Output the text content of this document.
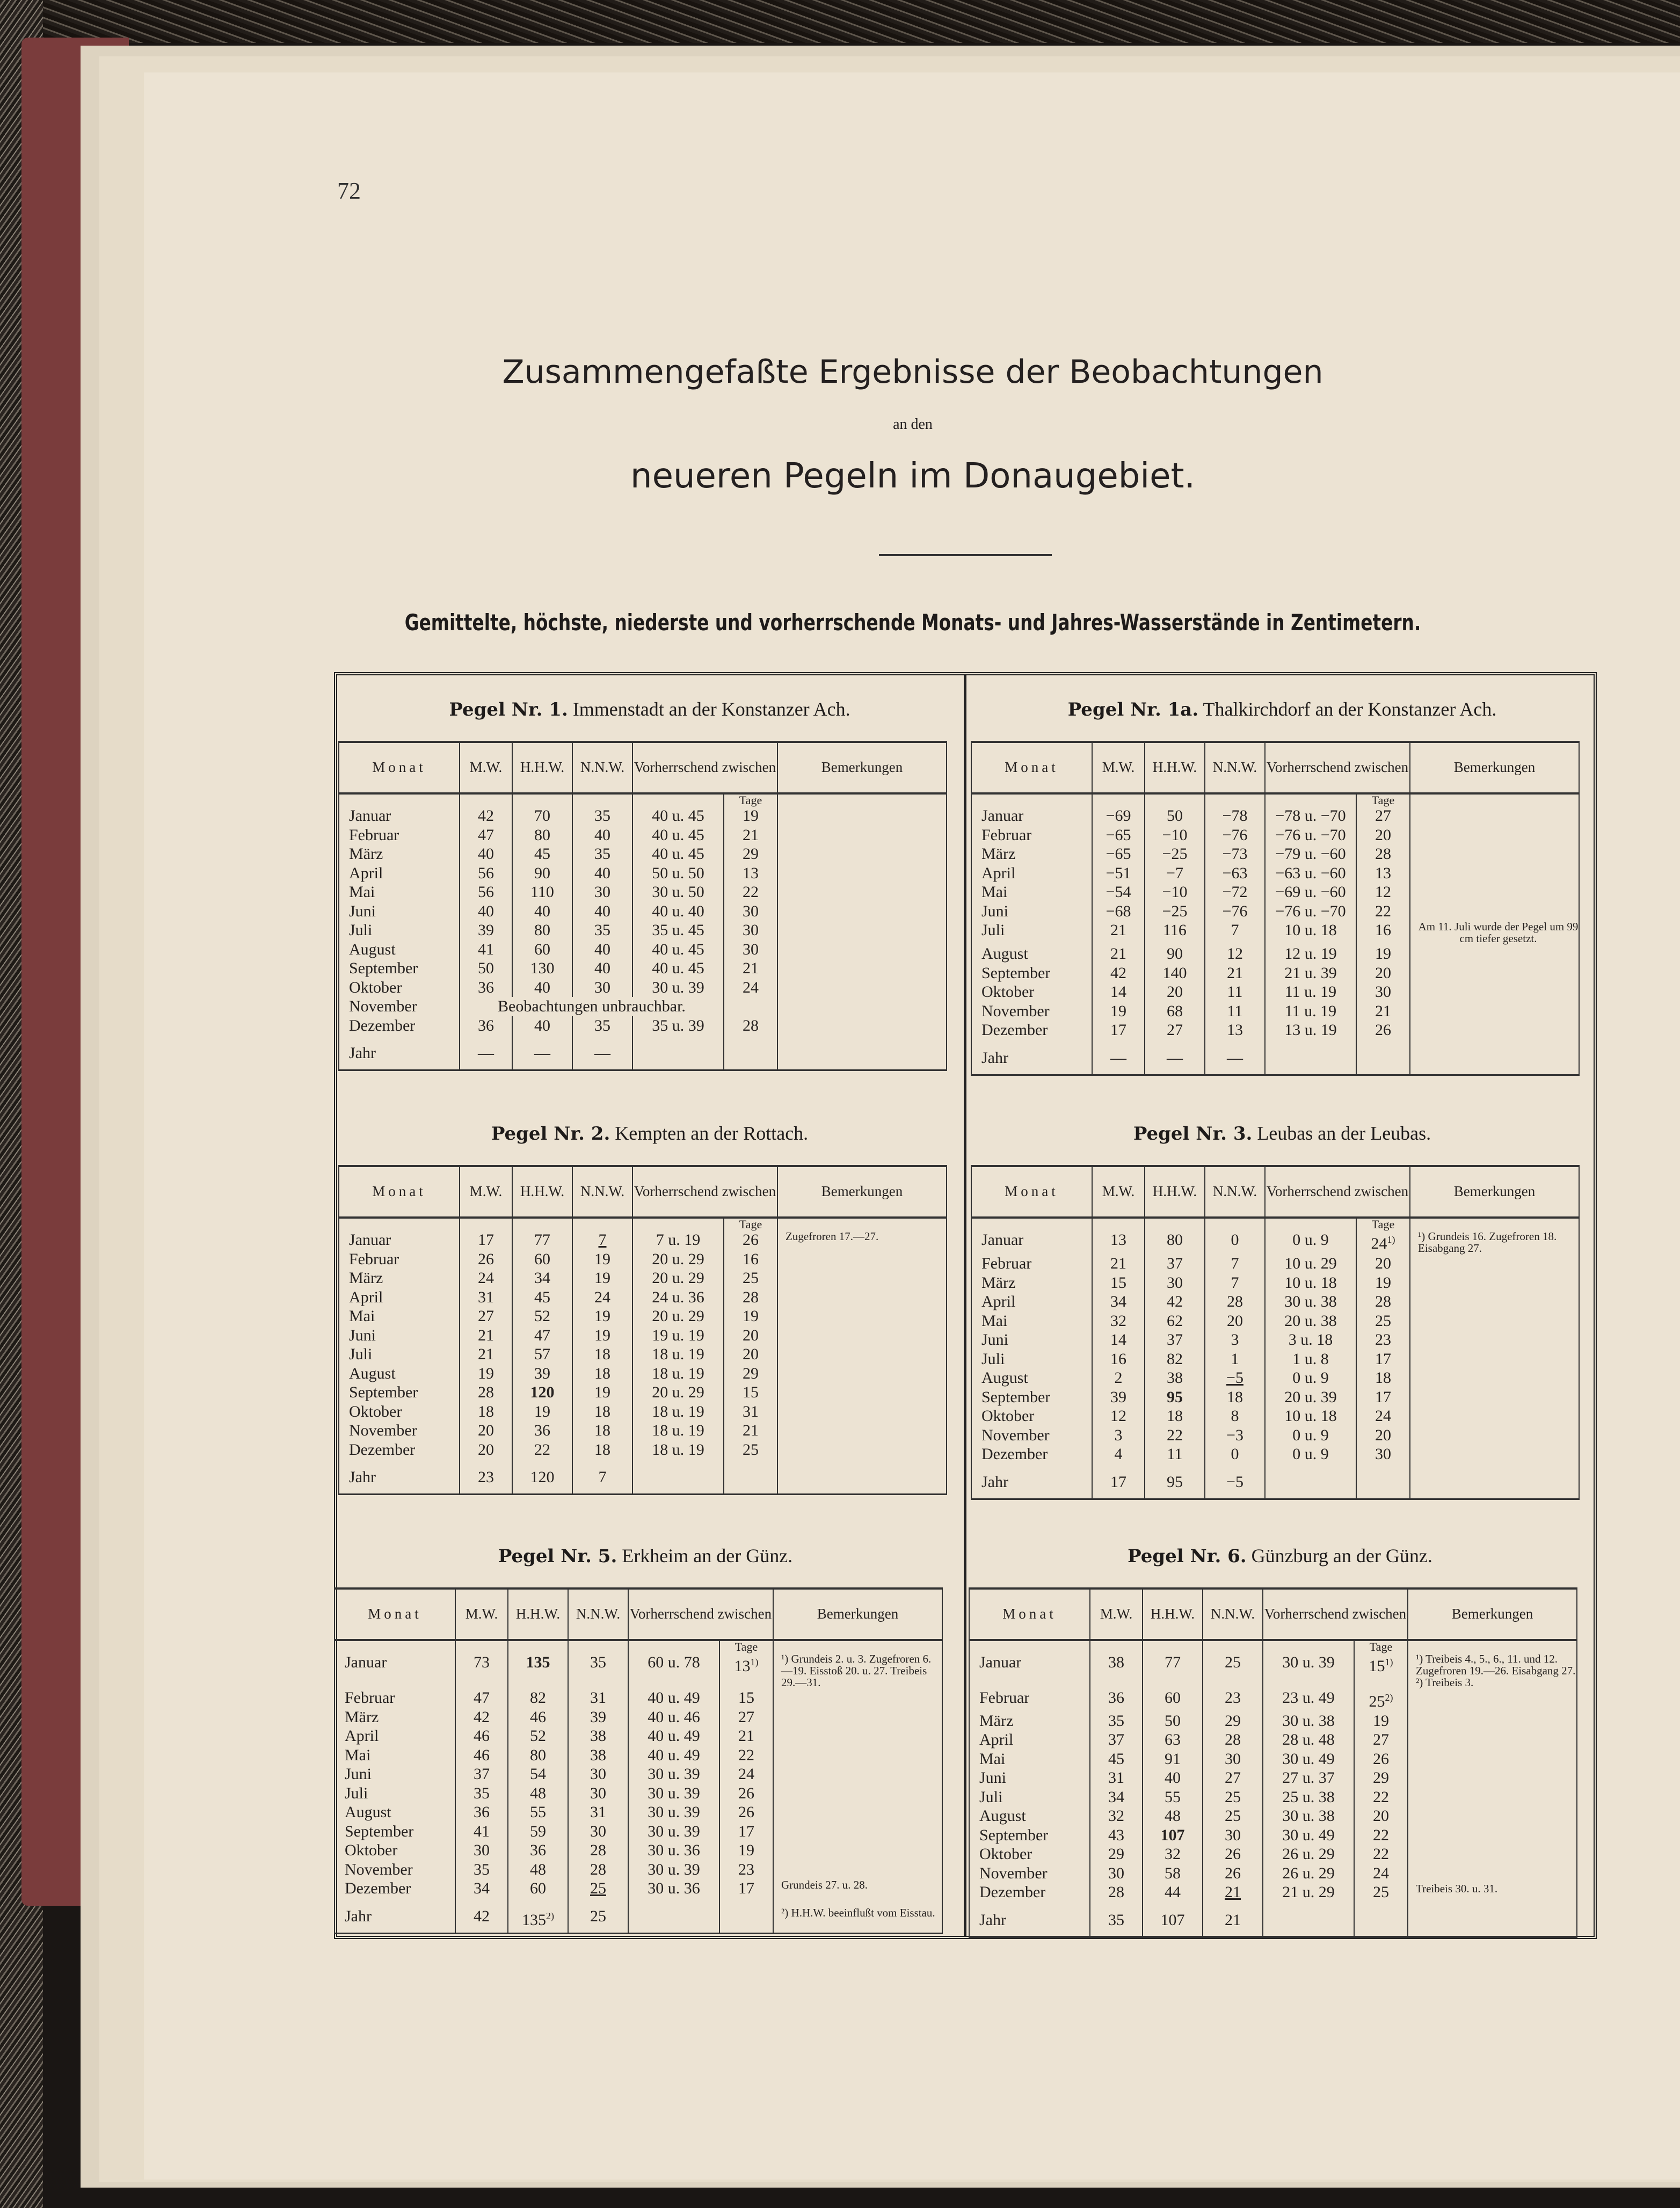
72
Zusammengefaßte Ergebnisse der Beobachtungen
an den
neueren Pegeln im Donaugebiet.
Gemittelte, höchste, niederste und vorherrschende Monats- und Jahres-Wasserstände in Zentimetern.
Pegel Nr. 1. Immenstadt an der Konstanzer Ach.
Monat	M.W.	H.H.W.	N.N.W.	Vorherrschend zwischen		Bemerkungen
					Tage	
Januar	42	70	35	40 u. 45	19	
Februar	47	80	40	40 u. 45	21	
März	40	45	35	40 u. 45	29	
April	56	90	40	50 u. 50	13	
Mai	56	110	30	30 u. 50	22	
Juni	40	40	40	40 u. 40	30	
Juli	39	80	35	35 u. 45	30	
August	41	60	40	40 u. 45	30	
September	50	130	40	40 u. 45	21	
Oktober	36	40	30	30 u. 39	24	
November	Beobachtungen unbrauchbar.					
Dezember	36	40	35	35 u. 39	28	
Jahr	—	—	—			
Pegel Nr. 1a. Thalkirchdorf an der Konstanzer Ach.
Monat	M.W.	H.H.W.	N.N.W.	Vorherrschend zwischen		Bemerkungen
					Tage	
Januar	−69	50	−78	−78 u. −70	27	
Februar	−65	−10	−76	−76 u. −70	20	
März	−65	−25	−73	−79 u. −60	28	
April	−51	−7	−63	−63 u. −60	13	
Mai	−54	−10	−72	−69 u. −60	12	
Juni	−68	−25	−76	−76 u. −70	22	
Juli	21	116	7	10 u. 18	16	Am 11. Juli wurde der Pegel um 99 cm tiefer gesetzt.

August	21	90	12	12 u. 19	19	
September	42	140	21	21 u. 39	20	
Oktober	14	20	11	11 u. 19	30	
November	19	68	11	11 u. 19	21	
Dezember	17	27	13	13 u. 19	26	
Jahr	—	—	—			
Pegel Nr. 2. Kempten an der Rottach.
Monat	M.W.	H.H.W.	N.N.W.	Vorherrschend zwischen		Bemerkungen
					Tage	
Januar	17	77	7	7 u. 19	26	Zugefroren 17.—27.

Februar	26	60	19	20 u. 29	16	
März	24	34	19	20 u. 29	25	
April	31	45	24	24 u. 36	28	
Mai	27	52	19	20 u. 29	19	
Juni	21	47	19	19 u. 19	20	
Juli	21	57	18	18 u. 19	20	
August	19	39	18	18 u. 19	29	
September	28	120	19	20 u. 29	15	
Oktober	18	19	18	18 u. 19	31	
November	20	36	18	18 u. 19	21	
Dezember	20	22	18	18 u. 19	25	
Jahr	23	120	7			
Pegel Nr. 3. Leubas an der Leubas.
Monat	M.W.	H.H.W.	N.N.W.	Vorherrschend zwischen		Bemerkungen
					Tage	
Januar	13	80	0	0 u. 9	24$^{1)}$	¹) Grundeis 16. Zugefroren 18. Eisabgang 27.

Februar	21	37	7	10 u. 29	20	
März	15	30	7	10 u. 18	19	
April	34	42	28	30 u. 38	28	
Mai	32	62	20	20 u. 38	25	
Juni	14	37	3	3 u. 18	23	
Juli	16	82	1	1 u. 8	17	
August	2	38	−5	0 u. 9	18	
September	39	95	18	20 u. 39	17	
Oktober	12	18	8	10 u. 18	24	
November	3	22	−3	0 u. 9	20	
Dezember	4	11	0	0 u. 9	30	
Jahr	17	95	−5			
Pegel Nr. 5. Erkheim an der Günz.
Monat	M.W.	H.H.W.	N.N.W.	Vorherrschend zwischen		Bemerkungen
					Tage	
Januar	73	135	35	60 u. 78	13$^{1)}$	¹) Grundeis 2. u. 3. Zugefroren 6.—19. Eisstoß 20. u. 27. Treibeis 29.—31.

Februar	47	82	31	40 u. 49	15	
März	42	46	39	40 u. 46	27	
April	46	52	38	40 u. 49	21	
Mai	46	80	38	40 u. 49	22	
Juni	37	54	30	30 u. 39	24	
Juli	35	48	30	30 u. 39	26	
August	36	55	31	30 u. 39	26	
September	41	59	30	30 u. 39	17	
Oktober	30	36	28	30 u. 36	19	
November	35	48	28	30 u. 39	23	
Dezember	34	60	25	30 u. 36	17	Grundeis 27. u. 28.

Jahr	42	135$^{2)}$	25			²) H.H.W. beeinflußt vom Eisstau.
Pegel Nr. 6. Günzburg an der Günz.
Monat	M.W.	H.H.W.	N.N.W.	Vorherrschend zwischen		Bemerkungen
					Tage	
Januar	38	77	25	30 u. 39	15$^{1)}$	¹) Treibeis 4., 5., 6., 11. und 12. Zugefroren 19.—26. Eisabgang 27. ²) Treibeis 3.

Februar	36	60	23	23 u. 49	25$^{2)}$	
März	35	50	29	30 u. 38	19	
April	37	63	28	28 u. 48	27	
Mai	45	91	30	30 u. 49	26	
Juni	31	40	27	27 u. 37	29	
Juli	34	55	25	25 u. 38	22	
August	32	48	25	30 u. 38	20	
September	43	107	30	30 u. 49	22	
Oktober	29	32	26	26 u. 29	22	
November	30	58	26	26 u. 29	24	
Dezember	28	44	21	21 u. 29	25	Treibeis 30. u. 31.

Jahr	35	107	21			
